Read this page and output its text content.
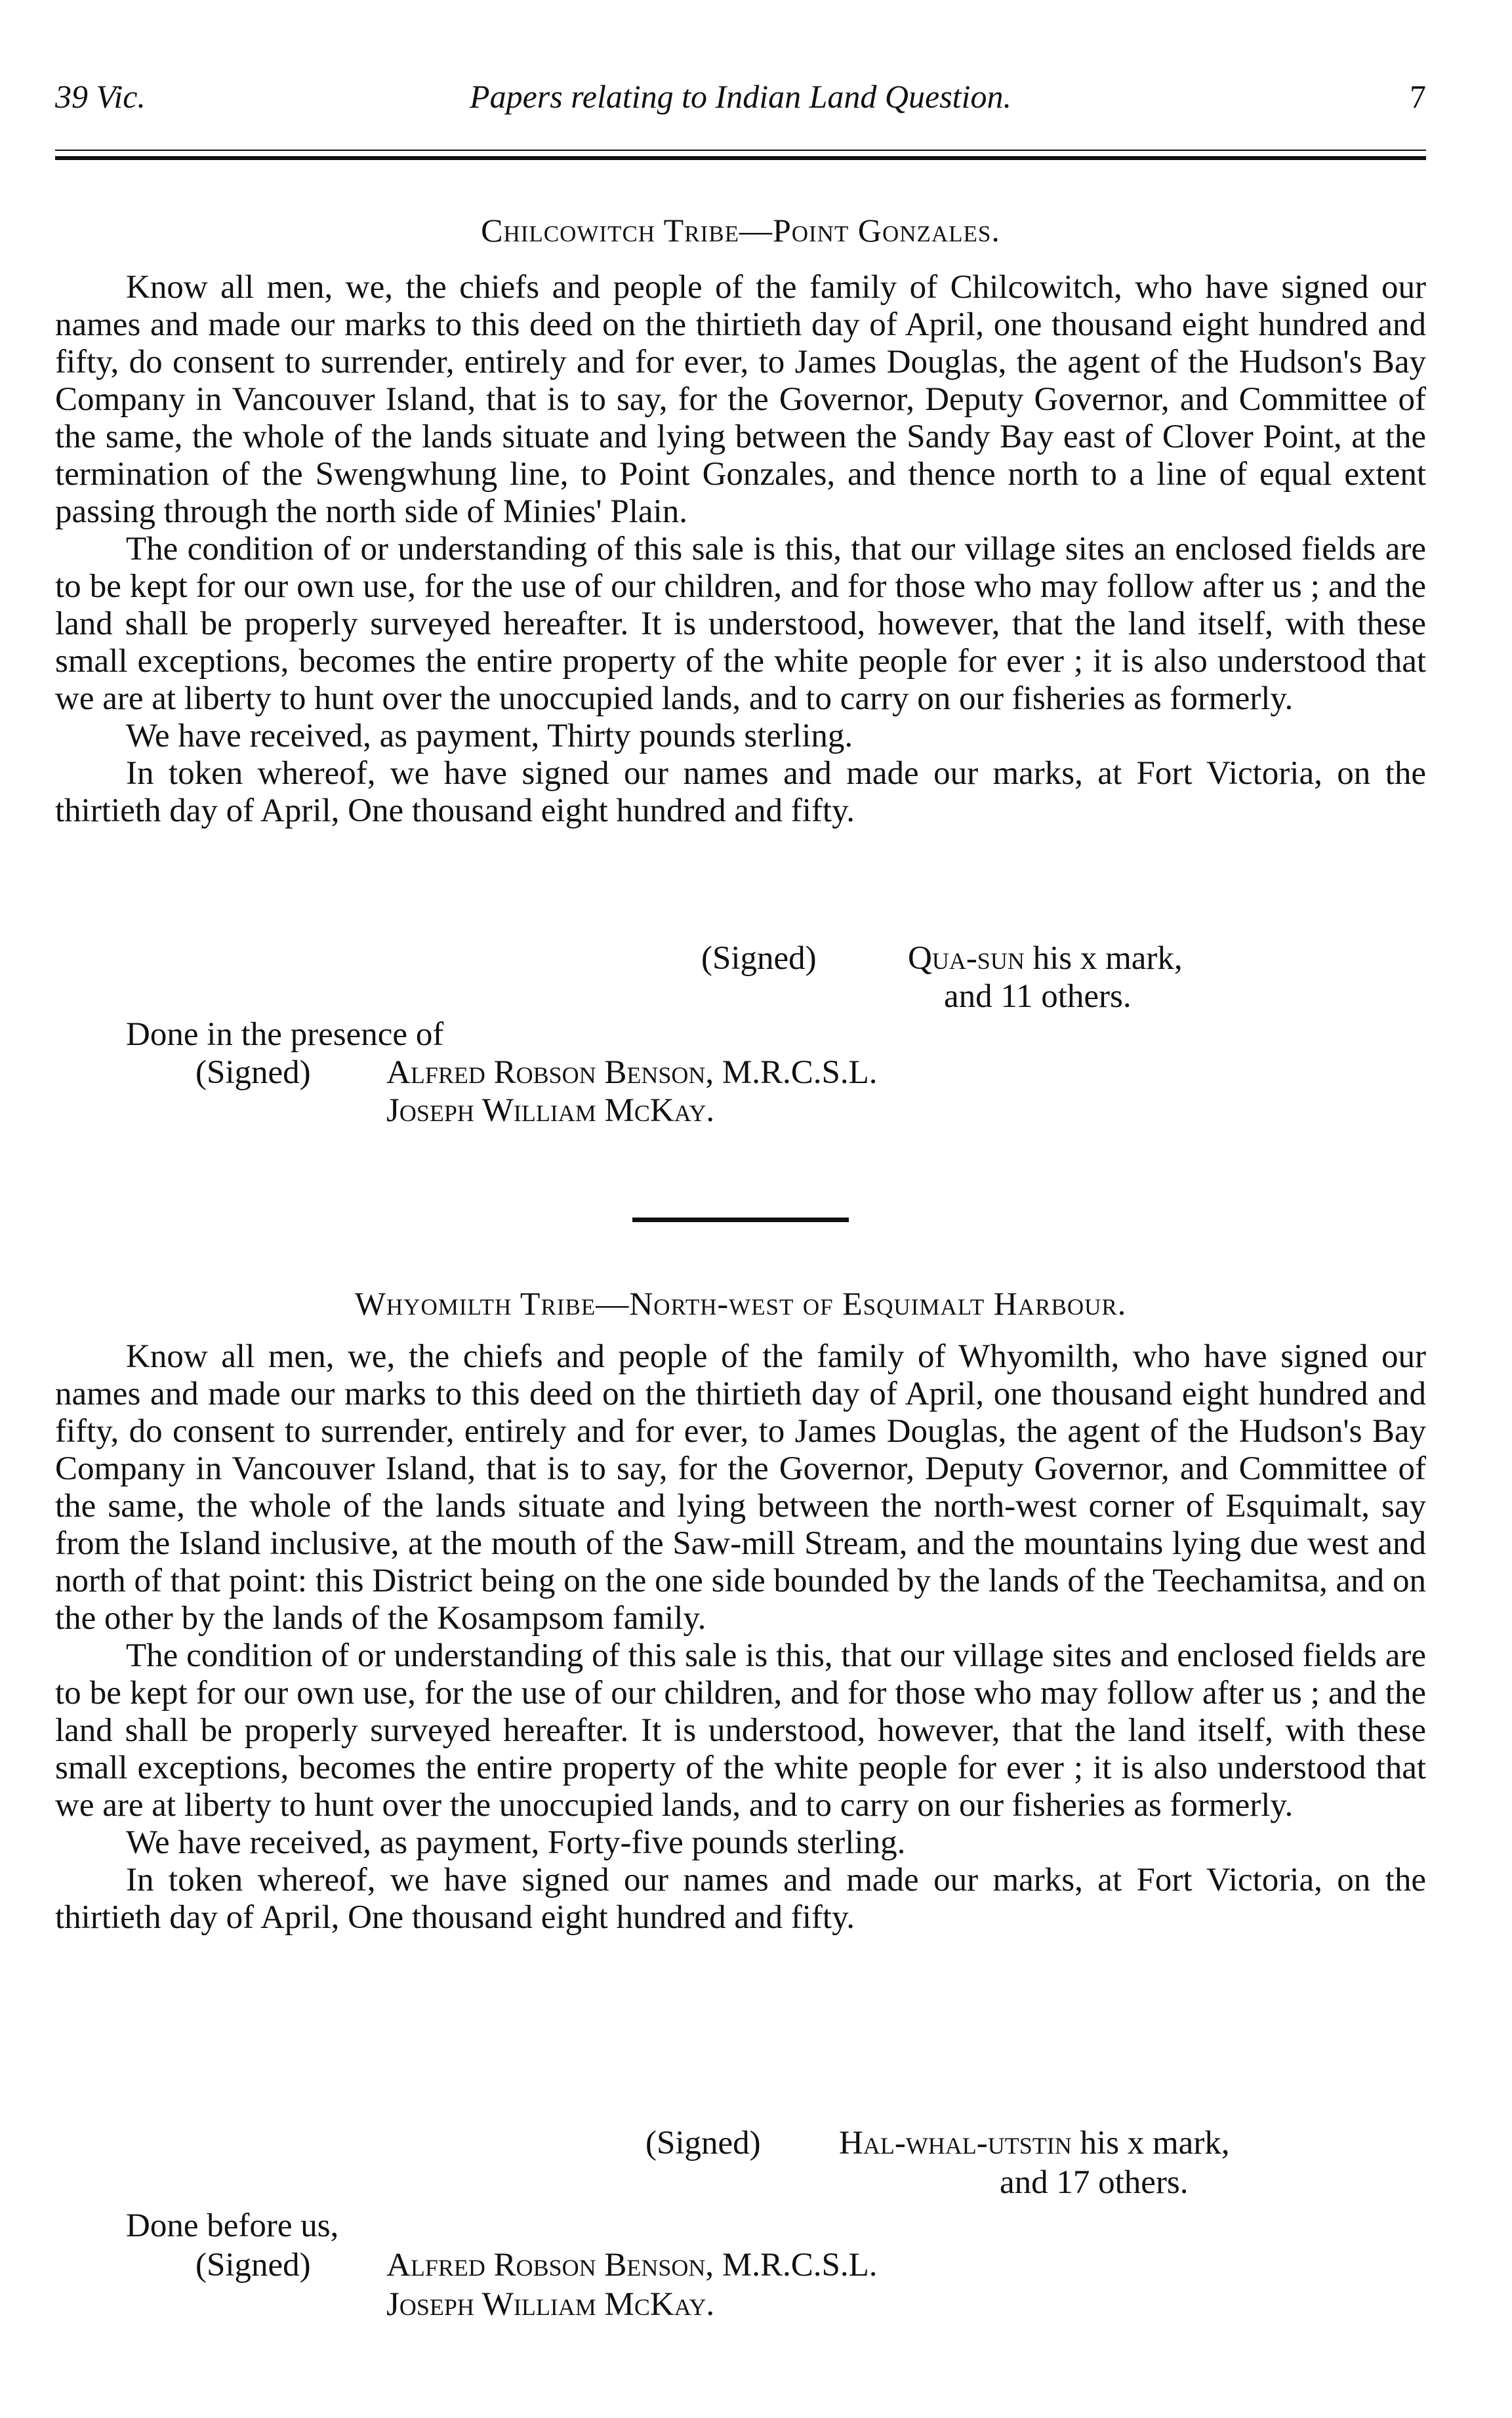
39 Vic.	Papers relating to Indian Land Question.	7
Chilcowitch Tribe—Point Gonzales.

Know all men, we, the chiefs and people of the family of Chilcowitch, who have signed our names and made our marks to this deed on the thirtieth day of April, one thousand eight hundred and fifty, do consent to surrender, entirely and for ever, to James Douglas, the agent of the Hudson's Bay Company in Vancouver Island, that is to say, for the Governor, Deputy Governor, and Committee of the same, the whole of the lands situate and lying between the Sandy Bay east of Clover Point, at the termination of the Swengwhung line, to Point Gonzales, and thence north to a line of equal extent passing through the north side of Minies' Plain.

The condition of or understanding of this sale is this, that our village sites an enclosed fields are to be kept for our own use, for the use of our children, and for those who may follow after us ; and the land shall be properly surveyed hereafter. It is understood, however, that the land itself, with these small exceptions, becomes the entire property of the white people for ever ; it is also understood that we are at liberty to hunt over the unoccupied lands, and to carry on our fisheries as formerly.

We have received, as payment, Thirty pounds sterling.

In token whereof, we have signed our names and made our marks, at Fort Victoria, on the thirtieth day of April, One thousand eight hundred and fifty.

(Signed)	Qua-sun his x mark,
and 11 others.
Done in the presence of
(Signed) Alfred Robson Benson, M.R.C.S.L.
Joseph William McKay.
Whyomilth Tribe—North-west of Esquimalt Harbour.

Know all men, we, the chiefs and people of the family of Whyomilth, who have signed our names and made our marks to this deed on the thirtieth day of April, one thousand eight hundred and fifty, do consent to surrender, entirely and for ever, to James Douglas, the agent of the Hudson's Bay Company in Vancouver Island, that is to say, for the Governor, Deputy Governor, and Committee of the same, the whole of the lands situate and lying between the north-west corner of Esquimalt, say from the Island inclusive, at the mouth of the Saw-mill Stream, and the mountains lying due west and north of that point: this District being on the one side bounded by the lands of the Teechamitsa, and on the other by the lands of the Kosampsom family.

The condition of or understanding of this sale is this, that our village sites and enclosed fields are to be kept for our own use, for the use of our children, and for those who may follow after us ; and the land shall be properly surveyed hereafter. It is understood, however, that the land itself, with these small exceptions, becomes the entire property of the white people for ever ; it is also understood that we are at liberty to hunt over the unoccupied lands, and to carry on our fisheries as formerly.

We have received, as payment, Forty-five pounds sterling.

In token whereof, we have signed our names and made our marks, at Fort Victoria, on the thirtieth day of April, One thousand eight hundred and fifty.

(Signed) Hal-whal-utstin his x mark,
and 17 others.
Done before us,
(Signed) Alfred Robson Benson, M.R.C.S.L.
Joseph William McKay.
